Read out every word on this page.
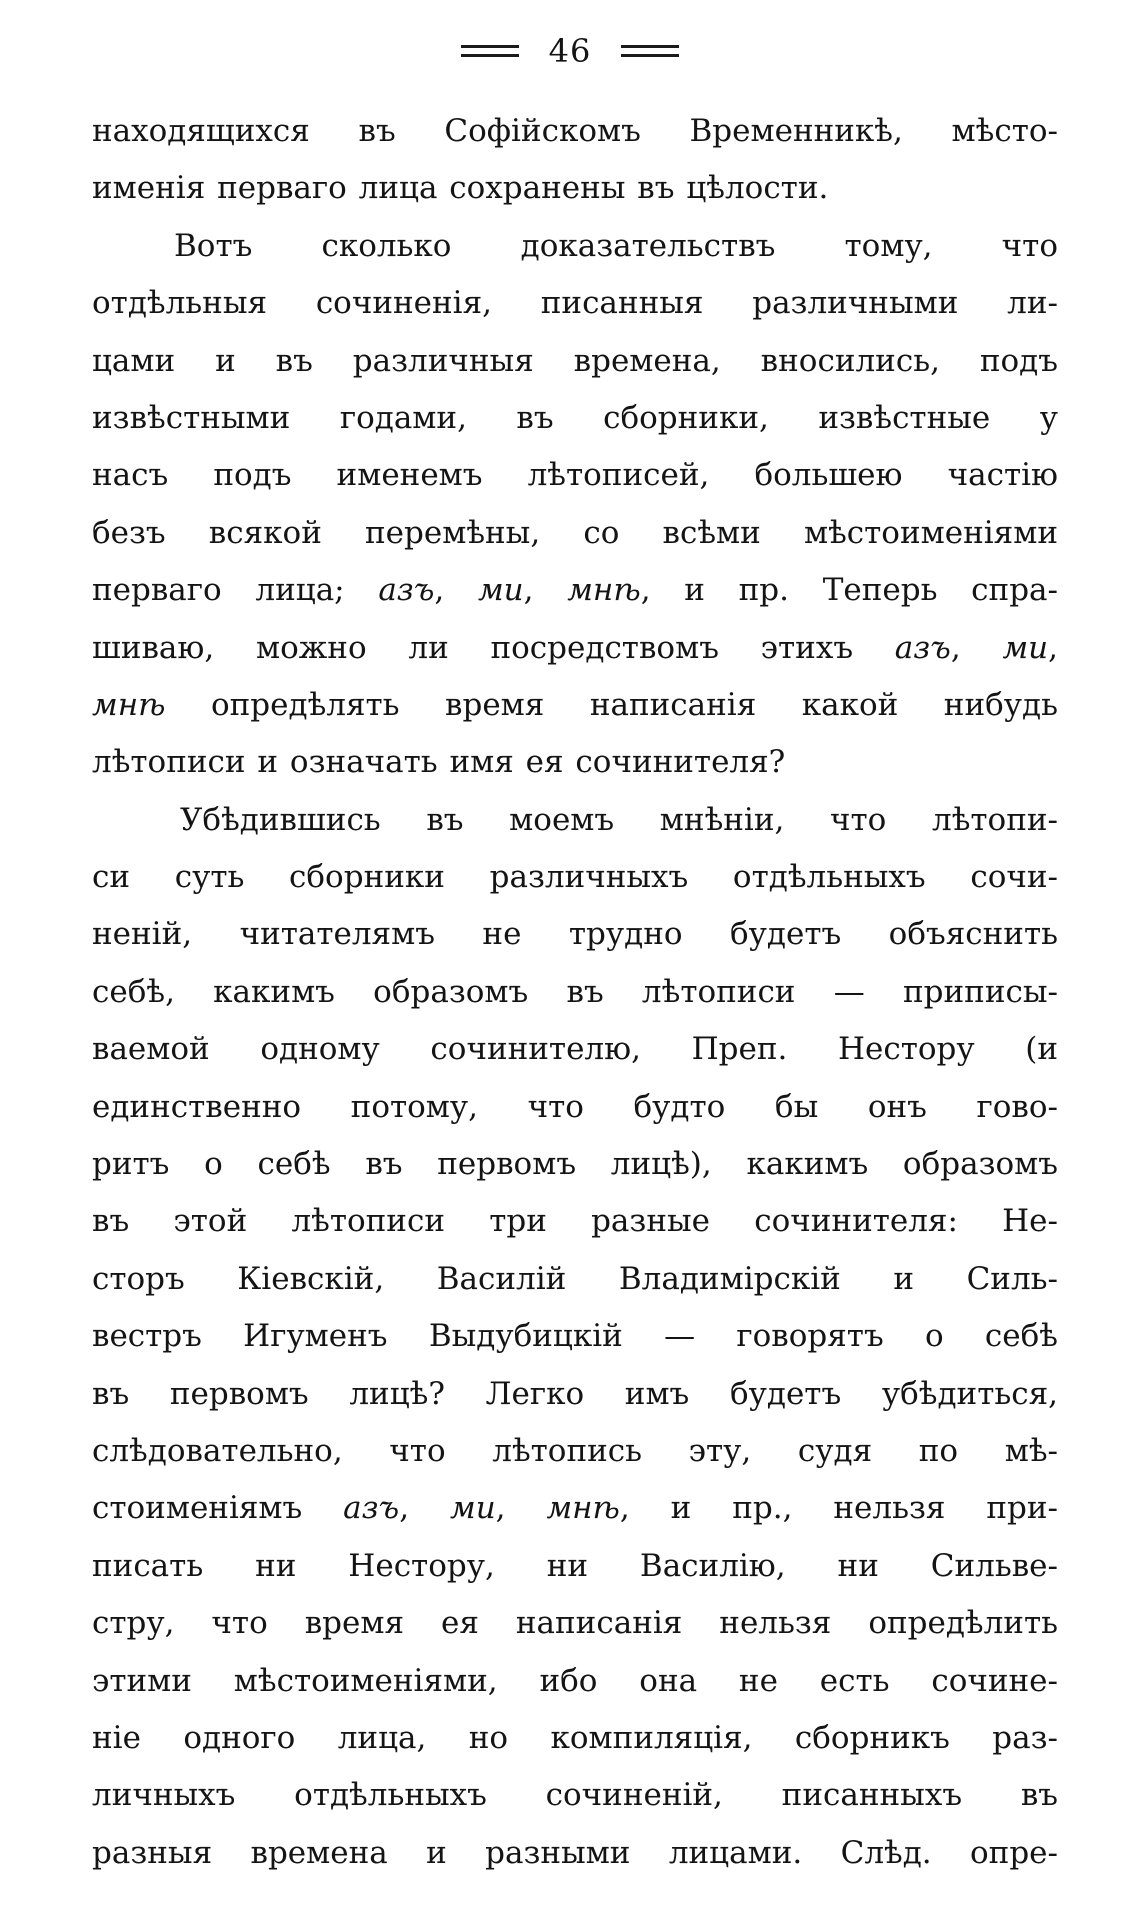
46
находящихся въ Софійскомъ Временникѣ, мѣсто-
именія перваго лица сохранены въ цѣлости.
Вотъ сколько доказательствъ тому, что
отдѣльныя сочиненія, писанныя различными ли-
цами и въ различныя времена, вносились, подъ
извѣстными годами, въ сборники, извѣстные у
насъ подъ именемъ лѣтописей, большею частію
безъ всякой перемѣны, со всѣми мѣстоименіями
перваго лица; азъ, ми, мнѣ, и пр. Теперь спра-
шиваю, можно ли посредствомъ этихъ азъ, ми,
мнѣ опредѣлять время написанія какой нибудь
лѣтописи и означать имя ея сочинителя?
Убѣдившись въ моемъ мнѣніи, что лѣтопи-
си суть сборники различныхъ отдѣльныхъ сочи-
неній, читателямъ не трудно будетъ объяснить
себѣ, какимъ образомъ въ лѣтописи — приписы-
ваемой одному сочинителю, Преп. Нестору (и
единственно потому, что будто бы онъ гово-
ритъ о себѣ въ первомъ лицѣ), какимъ образомъ
въ этой лѣтописи три разные сочинителя: Не-
сторъ Кіевскій, Василій Владимірскій и Силь-
вестръ Игуменъ Выдубицкій — говорятъ о себѣ
въ первомъ лицѣ? Легко имъ будетъ убѣдиться,
слѣдовательно, что лѣтопись эту, судя по мѣ-
стоименіямъ азъ, ми, мнѣ, и пр., нельзя при-
писать ни Нестору, ни Василію, ни Сильве-
стру, что время ея написанія нельзя опредѣлить
этими мѣстоименіями, ибо она не есть сочине-
ніе одного лица, но компиляція, сборникъ раз-
личныхъ отдѣльныхъ сочиненій, писанныхъ въ
разныя времена и разными лицами. Слѣд. опре-
